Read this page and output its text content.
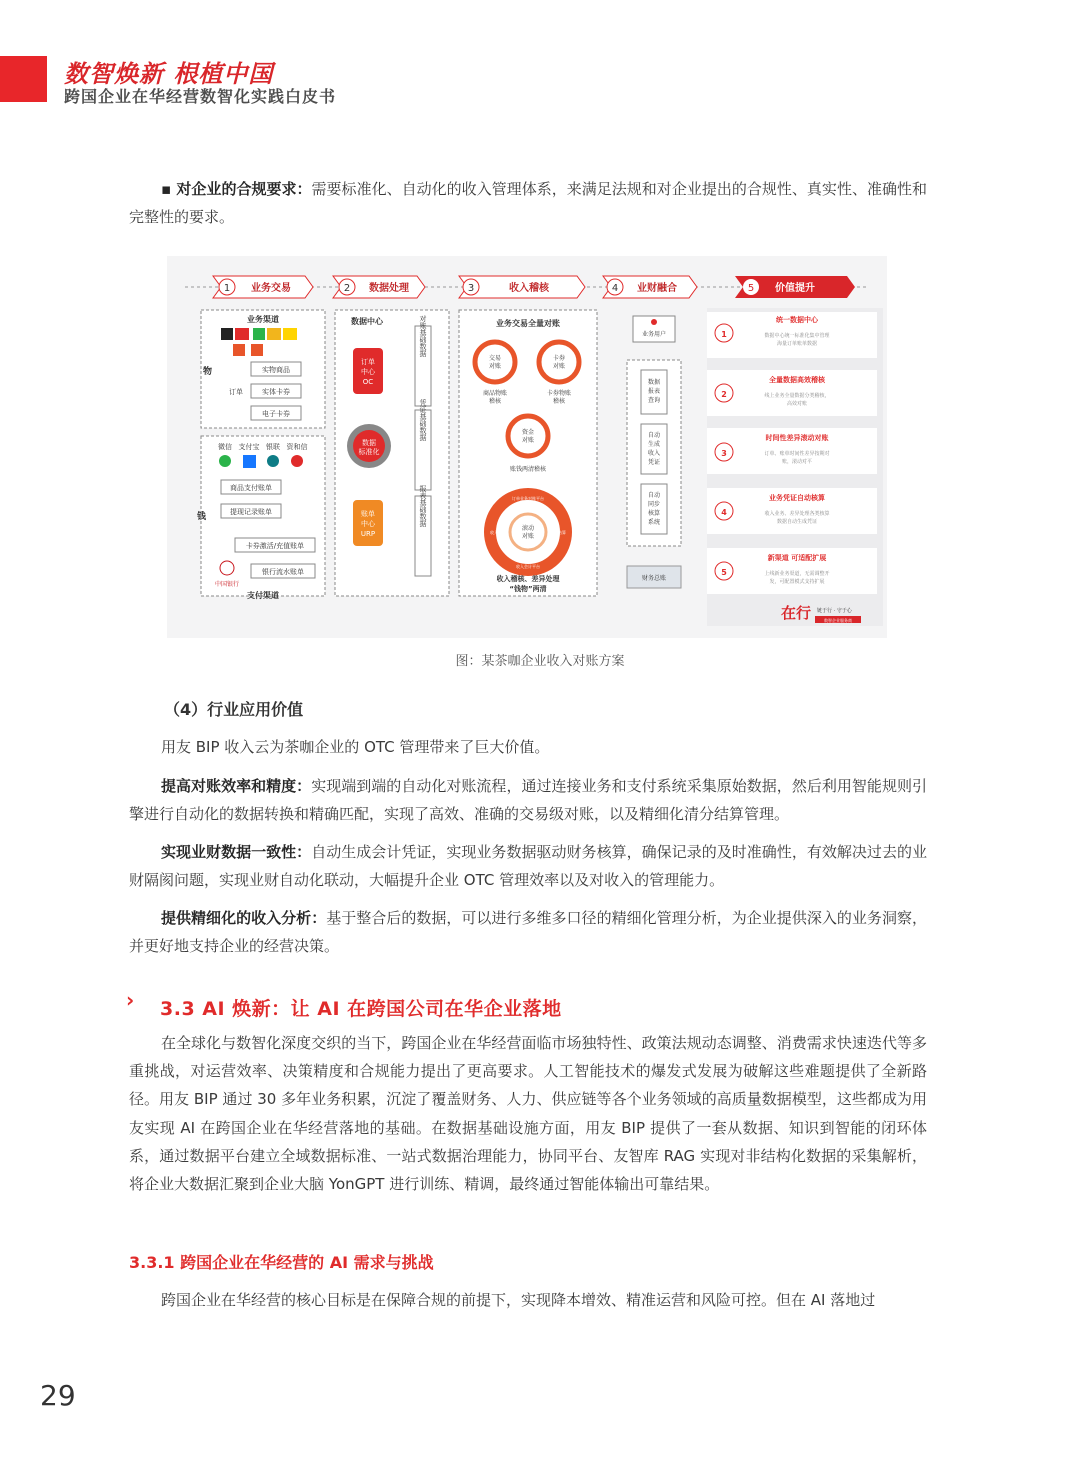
数智焕新 根植中国
跨国企业在华经营数智化实践白皮书

▪ 对企业的合规要求：需要标准化、自动化的收入管理体系，来满足法规和对企业提出的合规性、真实性、准确性和完整性的要求。

1 业务交易	2 数据处理	3	收入稽核	4 业财融合	5 价值提升
业务渠道
物
订单
实物商品
实体卡券
电子卡券
微信 支付宝 银联 资和信
钱
商品支付账单
提现记录账单
卡券激活/充值账单
银行流水账单
中国银行
支付渠道
数据中心
订单
中心
OC
数据
标准化
账单
中心
URP
对账基础数据
凭证基础数据
报表基础数据
业务交易全量对账
交易
对账
商品物账
稽核
卡券
对账
卡券物账
稽核
资金
对账
账钱两清稽核
滚动
对账
订单业务对账平台
收入订单	支付结算
收入会计平台
收入稽核、差异处理
“钱物”两清
业务用户
数据
报表
查询
自动
生成
收入
凭证
自动
同步
核算
系统
财务总账
1
统一数据中心
数据中心统一标准化集中管理
海量订单账单数据
2
全量数据高效稽核
线上业务全量数据分类稽核，
高效对账
3
时间性差异滚动对账
订单、账单时间性差异按期对
账，滚动对平
4
业务凭证自动核算
收入业务、差异处理各类核算
数据自动生成凭证
5
新渠道 可适配扩展
上线新业务渠道，无需调整开
发，可配置模式支持扩展
在行 链于行 · 守于心
数智企业服务商
图：某茶咖企业收入对账方案
（4）行业应用价值

用友 BIP 收入云为茶咖企业的 OTC 管理带来了巨大价值。

提高对账效率和精度：实现端到端的自动化对账流程，通过连接业务和支付系统采集原始数据，然后利用智能规则引擎进行自动化的数据转换和精确匹配，实现了高效、准确的交易级对账，以及精细化清分结算管理。

实现业财数据一致性：自动生成会计凭证，实现业务数据驱动财务核算，确保记录的及时准确性，有效解决过去的业财隔阂问题，实现业财自动化联动，大幅提升企业 OTC 管理效率以及对收入的管理能力。

提供精细化的收入分析：基于整合后的数据，可以进行多维多口径的精细化管理分析，为企业提供深入的业务洞察，并更好地支持企业的经营决策。

› 3.3 AI 焕新：让 AI 在跨国公司在华企业落地

在全球化与数智化深度交织的当下，跨国企业在华经营面临市场独特性、政策法规动态调整、消费需求快速迭代等多重挑战，对运营效率、决策精度和合规能力提出了更高要求。人工智能技术的爆发式发展为破解这些难题提供了全新路径。用友 BIP 通过 30 多年业务积累，沉淀了覆盖财务、人力、供应链等各个业务领域的高质量数据模型，这些都成为用友实现 AI 在跨国企业在华经营落地的基础。在数据基础设施方面，用友 BIP 提供了一套从数据、知识到智能的闭环体系，通过数据平台建立全域数据标准、一站式数据治理能力，协同平台、友智库 RAG 实现对非结构化数据的采集解析，将企业大数据汇聚到企业大脑 YonGPT 进行训练、精调，最终通过智能体输出可靠结果。

3.3.1 跨国企业在华经营的 AI 需求与挑战

跨国企业在华经营的核心目标是在保障合规的前提下，实现降本增效、精准运营和风险可控。但在 AI 落地过

29
